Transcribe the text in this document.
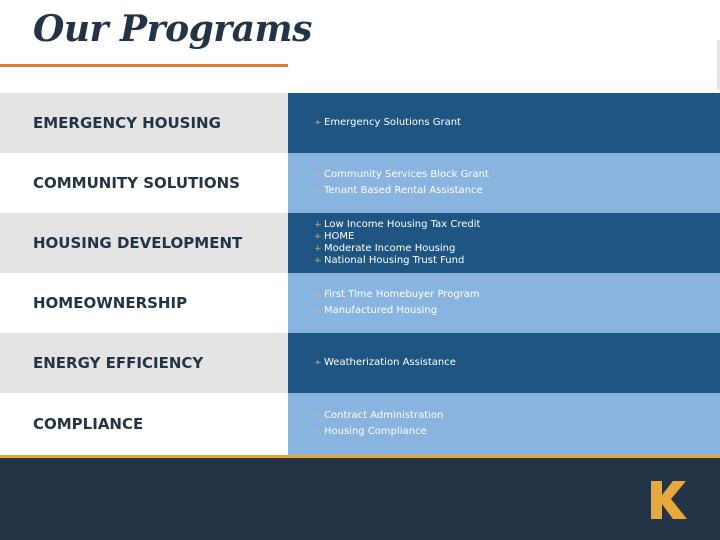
Our Programs
EMERGENCY HOUSING	+ Emergency Solutions Grant
COMMUNITY SOLUTIONS	+ Community Services Block Grant
+ Tenant Based Rental Assistance
HOUSING DEVELOPMENT
+ Low Income Housing Tax Credit
+ HOME
+ Moderate Income Housing
+ National Housing Trust Fund
HOMEOWNERSHIP	+ First Time Homebuyer Program
+ Manufactured Housing
ENERGY EFFICIENCY	+ Weatherization Assistance
COMPLIANCE	+ Contract Administration
+ Housing Compliance
